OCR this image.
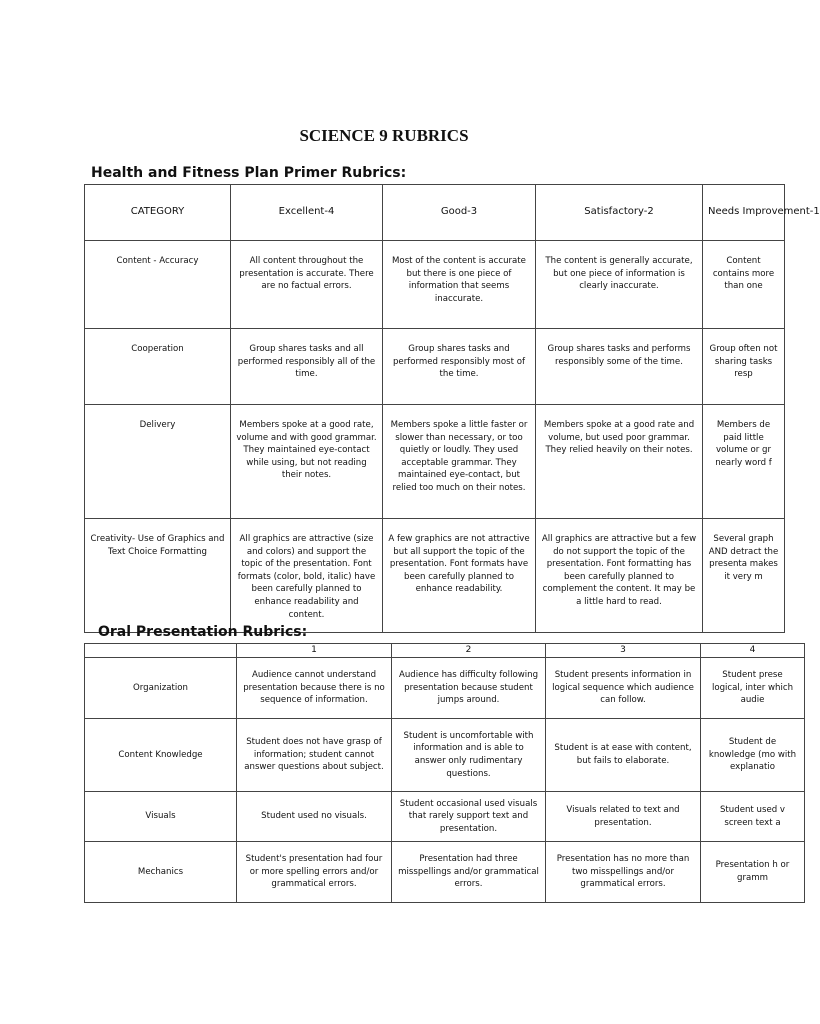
SCIENCE 9 RUBRICS
Health and Fitness Plan Primer Rubrics:
CATEGORY	Excellent-4	Good-3	Satisfactory-2	Needs Improvement-1
Content - Accuracy	All content throughout the presentation is accurate. There are no factual errors.	Most of the content is accurate but there is one piece of information that seems inaccurate.	The content is generally accurate, but one piece of information is clearly inaccurate.	Content contains more than one
Cooperation	Group shares tasks and all performed responsibly all of the time.	Group shares tasks and performed responsibly most of the time.	Group shares tasks and performs responsibly some of the time.	Group often not sharing tasks resp
Delivery	Members spoke at a good rate, volume and with good grammar. They maintained eye-contact while using, but not reading their notes.	Members spoke a little faster or slower than necessary, or too quietly or loudly. They used acceptable grammar. They maintained eye-contact, but relied too much on their notes.	Members spoke at a good rate and volume, but used poor grammar. They relied heavily on their notes.	Members de paid little volume or gr nearly word f
Creativity- Use of Graphics and Text Choice Formatting	All graphics are attractive (size and colors) and support the topic of the presentation. Font formats (color, bold, italic) have been carefully planned to enhance readability and content.	A few graphics are not attractive but all support the topic of the presentation. Font formats have been carefully planned to enhance readability.	All graphics are attractive but a few do not support the topic of the presentation. Font formatting has been carefully planned to complement the content. It may be a little hard to read.	Several graph AND detract the presenta makes it very m
Oral Presentation Rubrics:
	1	2	3	4
Organization	Audience cannot understand presentation because there is no sequence of information.	Audience has difficulty following presentation because student jumps around.	Student presents information in logical sequence which audience can follow.	Student prese logical, inter which audie
Content Knowledge	Student does not have grasp of information; student cannot answer questions about subject.	Student is uncomfortable with information and is able to answer only rudimentary questions.	Student is at ease with content, but fails to elaborate.	Student de knowledge (mo with explanatio
Visuals	Student used no visuals.	Student occasional used visuals that rarely support text and presentation.	Visuals related to text and presentation.	Student used v screen text a
Mechanics	Student's presentation had four or more spelling errors and/or grammatical errors.	Presentation had three misspellings and/or grammatical errors.	Presentation has no more than two misspellings and/or grammatical errors.	Presentation h or gramm
